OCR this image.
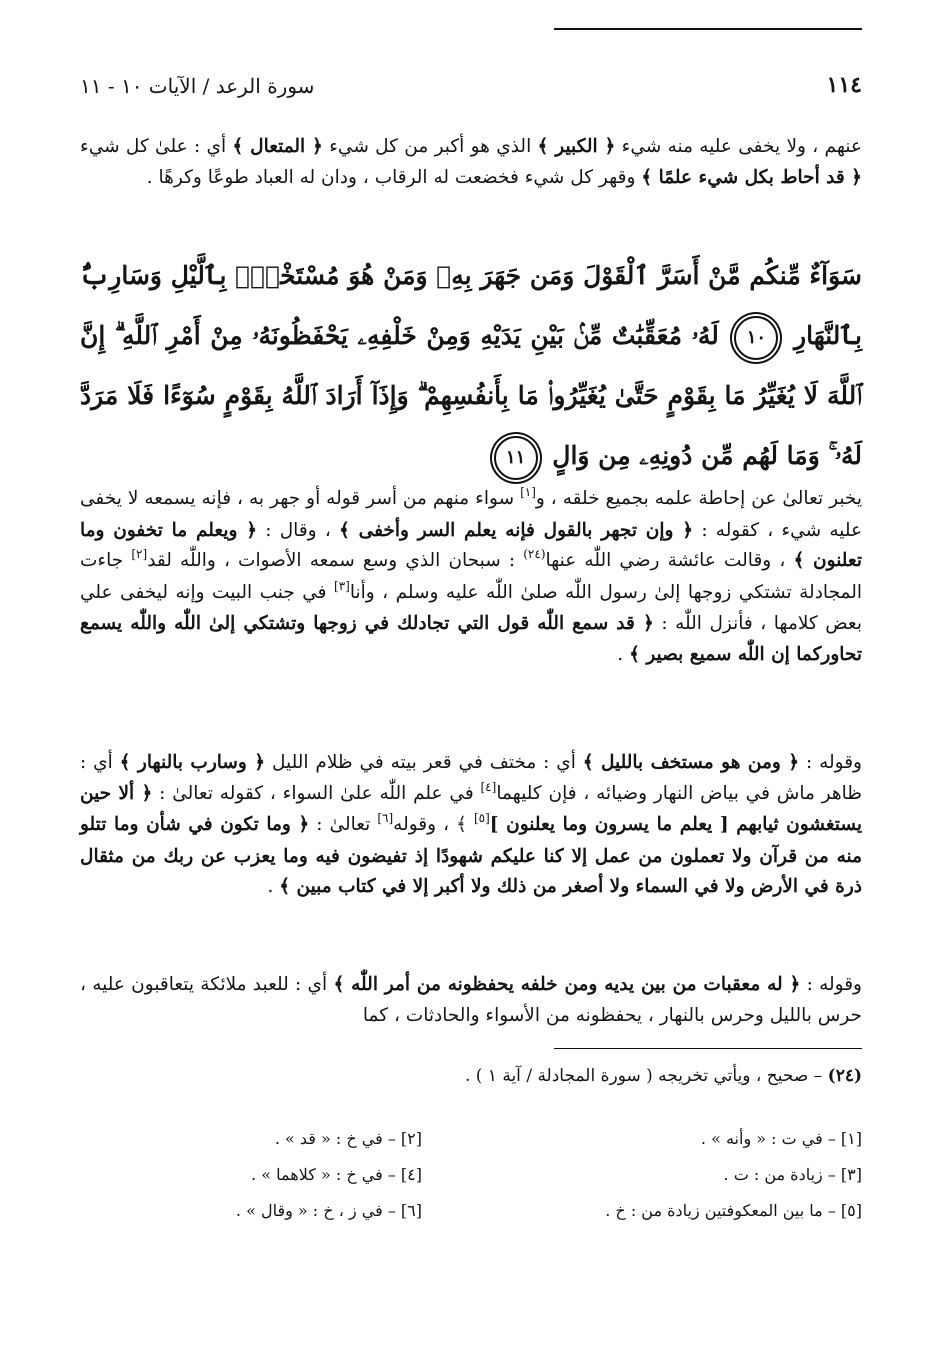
١١٤
سورة الرعد / الآيات ١٠ - ١١
عنهم ، ولا يخفى عليه منه شيء ﴿ الكبير ﴾ الذي هو أكبر من كل شيء ﴿ المتعال ﴾ أي : علىٰ كل شيء ﴿ قد أحاط بكل شيء علمًا ﴾ وقهر كل شيء فخضعت له الرقاب ، ودان له العباد طوعًا وكرهًا .
سَوَآءٌ مِّنكُم مَّنْ أَسَرَّ ٱلْقَوْلَ وَمَن جَهَرَ بِهِۦ وَمَنْ هُوَ مُسْتَخْفٍۭ بِٱلَّيْلِ وَسَارِبٌۢ بِٱلنَّهَارِ ١٠ لَهُۥ مُعَقِّبَٰتٌ مِّنۢ بَيْنِ يَدَيْهِ وَمِنْ خَلْفِهِۦ يَحْفَظُونَهُۥ مِنْ أَمْرِ ٱللَّهِ ۗ إِنَّ ٱللَّهَ لَا يُغَيِّرُ مَا بِقَوْمٍ حَتَّىٰ يُغَيِّرُوا۟ مَا بِأَنفُسِهِمْ ۗ وَإِذَآ أَرَادَ ٱللَّهُ بِقَوْمٍ سُوٓءًا فَلَا مَرَدَّ لَهُۥ ۚ وَمَا لَهُم مِّن دُونِهِۦ مِن وَالٍ ١١
يخبر تعالىٰ عن إحاطة علمه بجميع خلقه ، و[١] سواء منهم من أسر قوله أو جهر به ، فإنه يسمعه لا يخفى عليه شيء ، كقوله : ﴿ وإن تجهر بالقول فإنه يعلم السر وأخفى ﴾ ، وقال : ﴿ ويعلم ما تخفون وما تعلنون ﴾ ، وقالت عائشة رضي اللّٰه عنها$^{(٢٤)}$ : سبحان الذي وسع سمعه الأصوات ، واللّٰه لقد[٢] جاءت المجادلة تشتكي زوجها إلىٰ رسول اللّٰه صلىٰ اللّٰه عليه وسلم ، وأنا[٣] في جنب البيت وإنه ليخفى علي بعض كلامها ، فأنزل اللّٰه : ﴿ قد سمع اللّٰه قول التي تجادلك في زوجها وتشتكي إلىٰ اللّٰه واللّٰه يسمع تحاوركما إن اللّٰه سميع بصير ﴾ .
وقوله : ﴿ ومن هو مستخف بالليل ﴾ أي : مختف في قعر بيته في ظلام الليل ﴿ وسارب بالنهار ﴾ أي : ظاهر ماش في بياض النهار وضيائه ، فإن كليهما[٤] في علم اللّٰه علىٰ السواء ، كقوله تعالىٰ : ﴿ ألا حين يستغشون ثيابهم [ يعلم ما يسرون وما يعلنون ][٥] ﴾ ، وقوله[٦] تعالىٰ : ﴿ وما تكون في شأن وما تتلو منه من قرآن ولا تعملون من عمل إلا كنا عليكم شهودًا إذ تفيضون فيه وما يعزب عن ربك من مثقال ذرة في الأرض ولا في السماء ولا أصغر من ذلك ولا أكبر إلا في كتاب مبين ﴾ .
وقوله : ﴿ له معقبات من بين يديه ومن خلفه يحفظونه من أمر اللّٰه ﴾ أي : للعبد ملائكة يتعاقبون عليه ، حرس بالليل وحرس بالنهار ، يحفظونه من الأسواء والحادثات ، كما
(٢٤) – صحيح ، ويأتي تخريجه ( سورة المجادلة / آية ١ ) .
[١] – في ت : « وأنه » .
[٢] – في خ : « قد » .
[٣] – زيادة من : ت .
[٤] – في خ : « كلاهما » .
[٥] – ما بين المعكوفتين زيادة من : خ .
[٦] – في ز ، خ : « وقال » .
